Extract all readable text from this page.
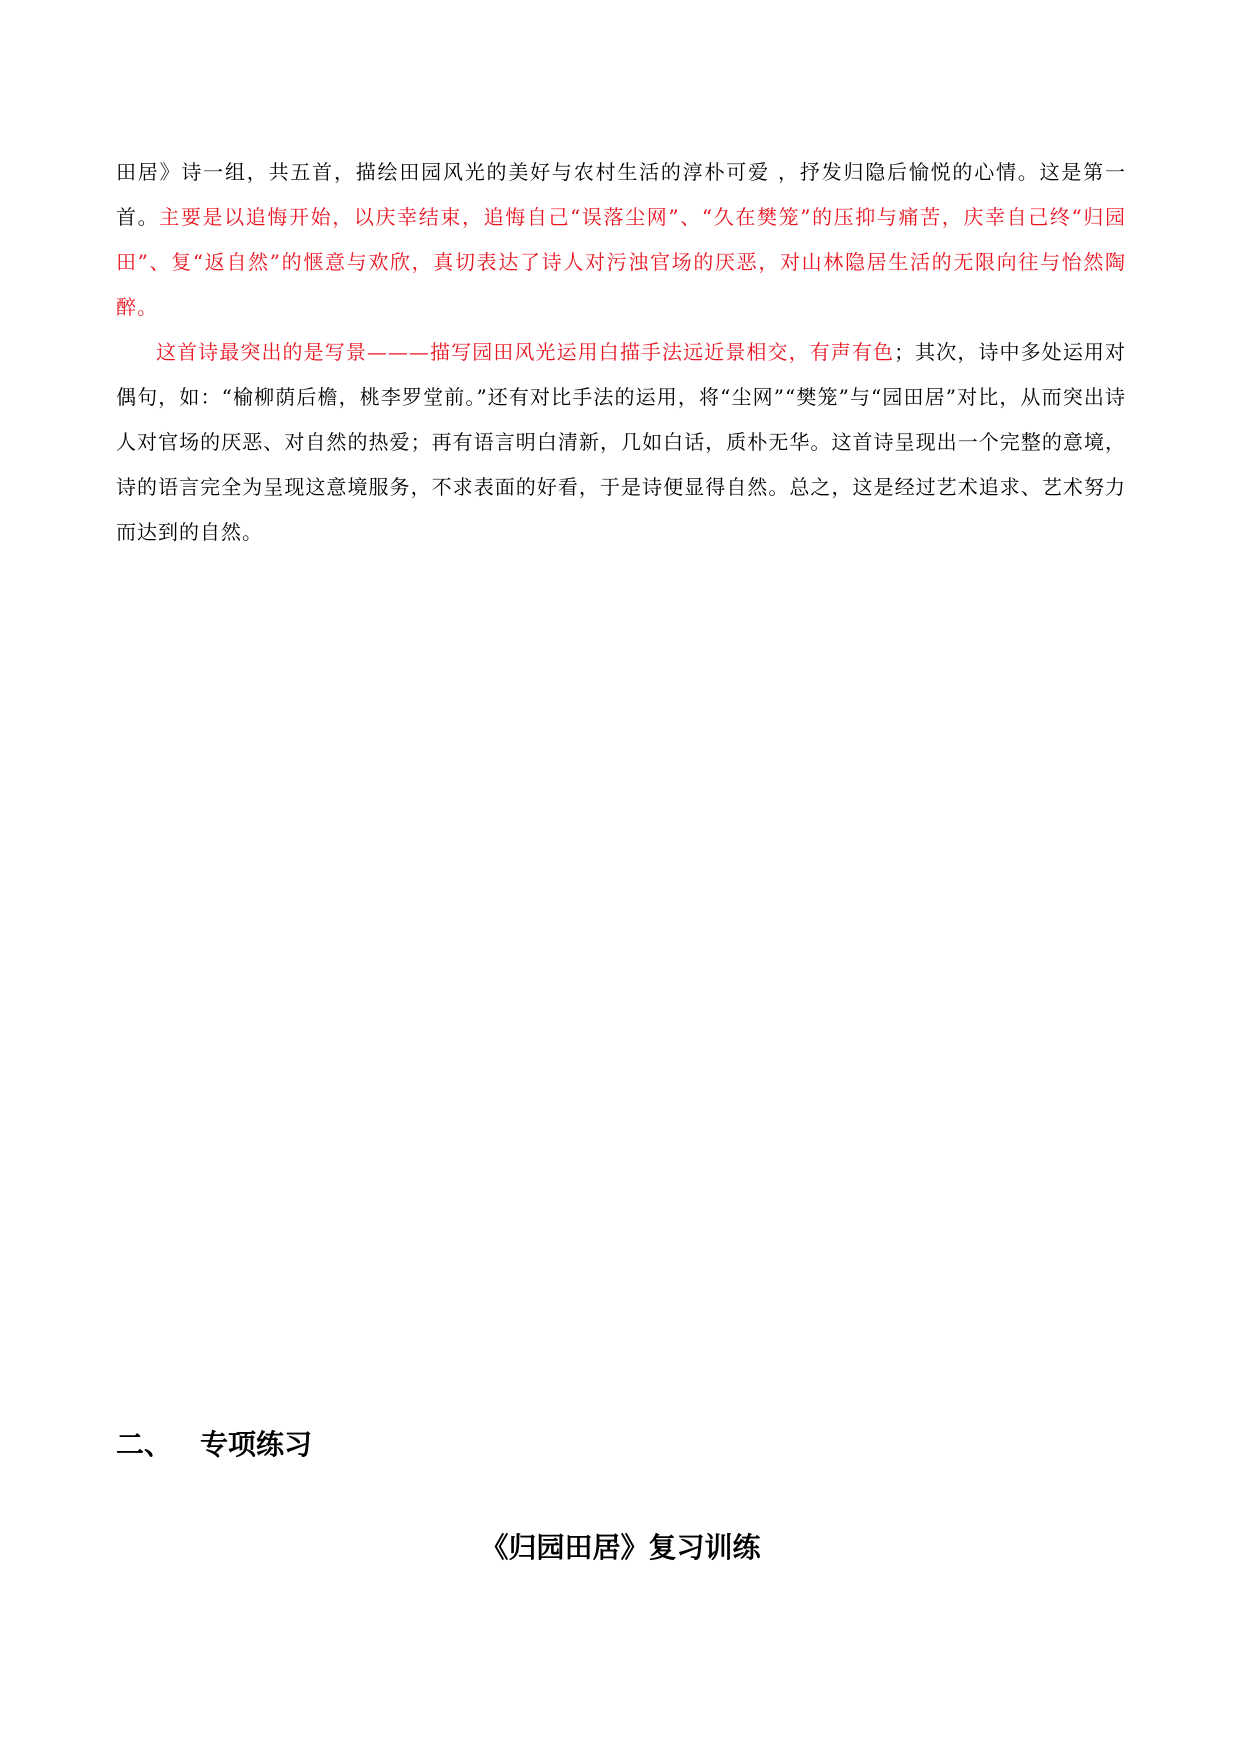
田居》诗一组，共五首，描绘田园风光的美好与农村生活的淳朴可爱 ，抒发归隐后愉悦的心情。这是第一首。主要是以追悔开始，以庆幸结束，追悔自己“误落尘网”、“久在樊笼”的压抑与痛苦，庆幸自己终“归园田”、复“返自然”的惬意与欢欣，真切表达了诗人对污浊官场的厌恶，对山林隐居生活的无限向往与怡然陶醉。

这首诗最突出的是写景———描写园田风光运用白描手法远近景相交，有声有色；其次，诗中多处运用对偶句，如：“榆柳荫后檐，桃李罗堂前。”还有对比手法的运用，将“尘网”“樊笼”与“园田居”对比，从而突出诗人对官场的厌恶、对自然的热爱；再有语言明白清新，几如白话，质朴无华。这首诗呈现出一个完整的意境，诗的语言完全为呈现这意境服务，不求表面的好看，于是诗便显得自然。总之，这是经过艺术追求、艺术努力而达到的自然。

二、 专项练习
《归园田居》复习训练
